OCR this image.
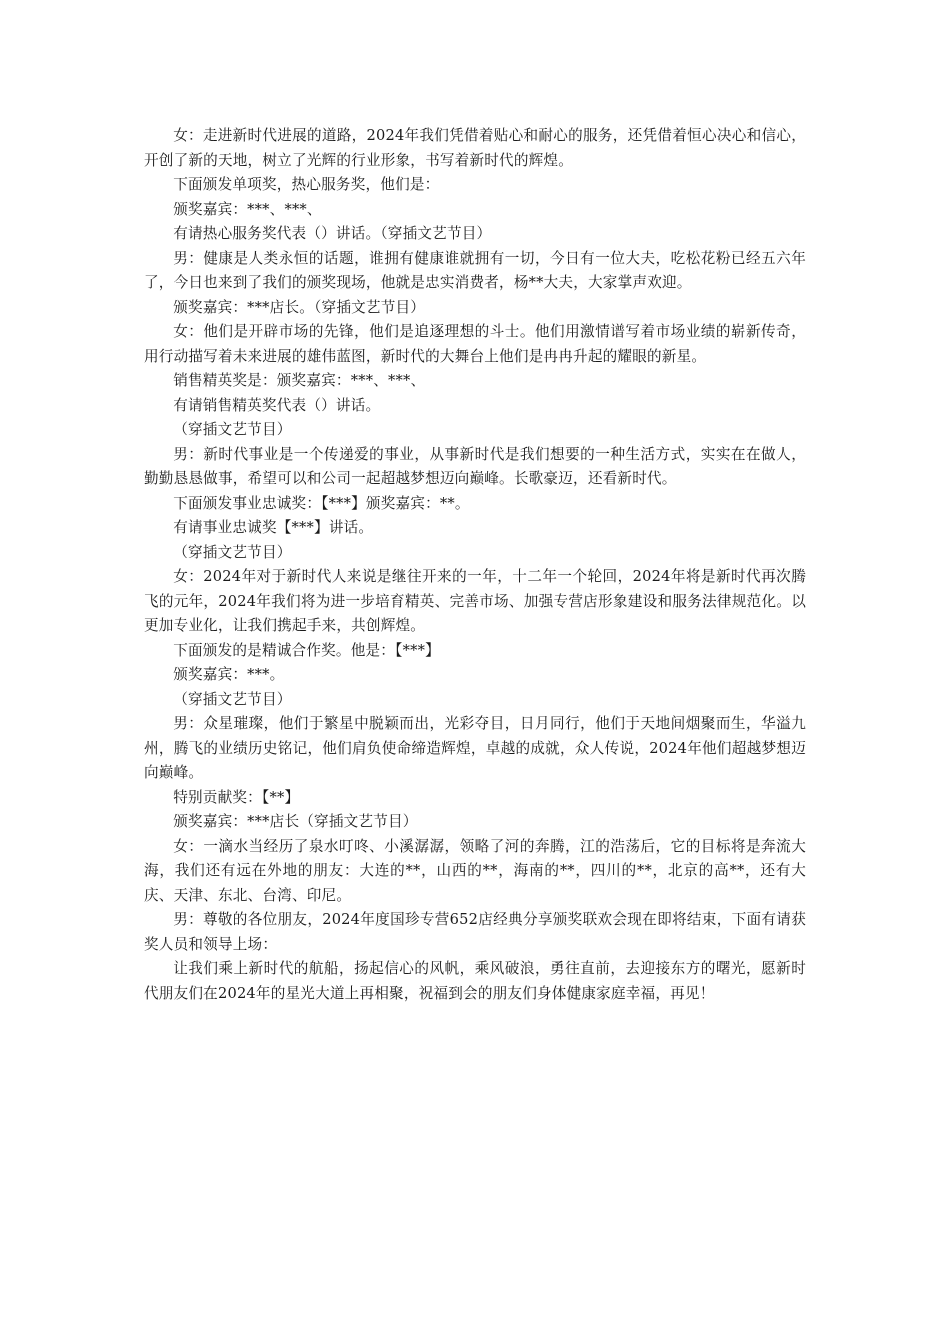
女：走进新时代进展的道路，2024年我们凭借着贴心和耐心的服务，还凭借着恒心决心和信心，开创了新的天地，树立了光辉的行业形象，书写着新时代的辉煌。

下面颁发单项奖，热心服务奖，他们是：

颁奖嘉宾：***、***、

有请热心服务奖代表（）讲话。（穿插文艺节目）

男：健康是人类永恒的话题，谁拥有健康谁就拥有一切，今日有一位大夫，吃松花粉已经五六年了，今日也来到了我们的颁奖现场，他就是忠实消费者，杨**大夫，大家掌声欢迎。

颁奖嘉宾：***店长。（穿插文艺节目）

女：他们是开辟市场的先锋，他们是追逐理想的斗士。他们用激情谱写着市场业绩的崭新传奇，用行动描写着未来进展的雄伟蓝图，新时代的大舞台上他们是冉冉升起的耀眼的新星。

销售精英奖是：颁奖嘉宾：***、***、

有请销售精英奖代表（）讲话。

（穿插文艺节目）

男：新时代事业是一个传递爱的事业，从事新时代是我们想要的一种生活方式，实实在在做人，勤勤恳恳做事，希望可以和公司一起超越梦想迈向巅峰。长歌豪迈，还看新时代。

下面颁发事业忠诚奖：【***】颁奖嘉宾：**。

有请事业忠诚奖【***】讲话。

（穿插文艺节目）

女：2024年对于新时代人来说是继往开来的一年，十二年一个轮回，2024年将是新时代再次腾飞的元年，2024年我们将为进一步培育精英、完善市场、加强专营店形象建设和服务法律规范化。以更加专业化，让我们携起手来，共创辉煌。

下面颁发的是精诚合作奖。他是：【***】

颁奖嘉宾：***。

（穿插文艺节目）

男：众星璀璨，他们于繁星中脱颖而出，光彩夺目，日月同行，他们于天地间烟聚而生，华溢九州，腾飞的业绩历史铭记，他们肩负使命缔造辉煌，卓越的成就，众人传说，2024年他们超越梦想迈向巅峰。

特别贡献奖：【**】

颁奖嘉宾：***店长（穿插文艺节目）

女：一滴水当经历了泉水叮咚、小溪潺潺，领略了河的奔腾，江的浩荡后，它的目标将是奔流大海，我们还有远在外地的朋友：大连的**，山西的**，海南的**，四川的**，北京的高**，还有大庆、天津、东北、台湾、印尼。

男：尊敬的各位朋友，2024年度国珍专营652店经典分享颁奖联欢会现在即将结束，下面有请获奖人员和领导上场：

让我们乘上新时代的航船，扬起信心的风帆，乘风破浪，勇往直前，去迎接东方的曙光，愿新时代朋友们在2024年的星光大道上再相聚，祝福到会的朋友们身体健康家庭幸福，再见！
